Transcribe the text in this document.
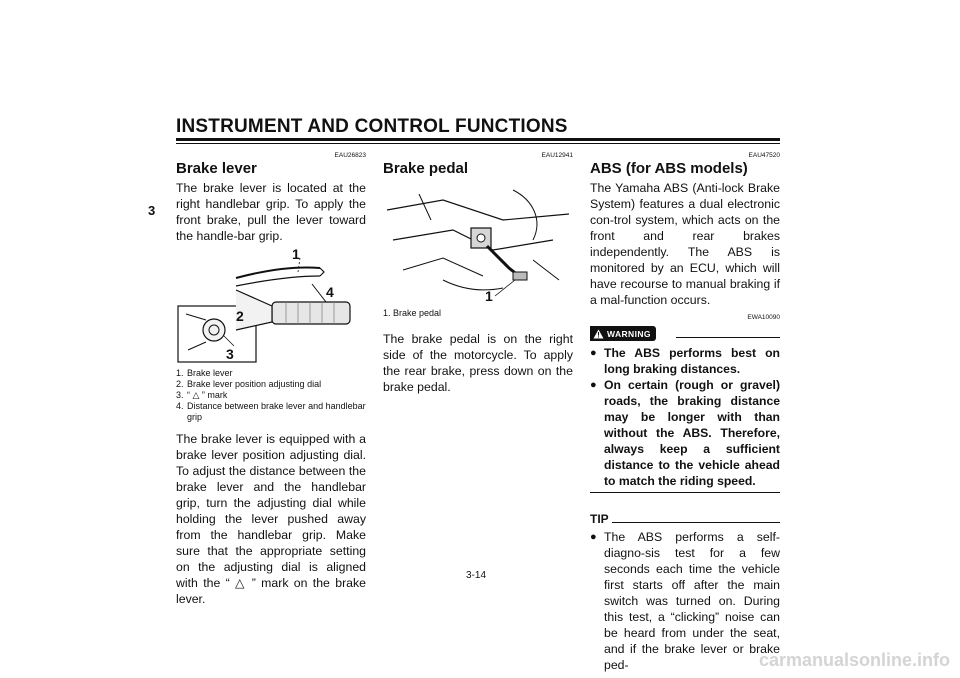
INSTRUMENT AND CONTROL FUNCTIONS
3

EAU26823

Brake lever

The brake lever is located at the right handlebar grip. To apply the front brake, pull the lever toward the handle-bar grip.

1
2
3
4
1. Brake lever
2. Brake lever position adjusting dial
3. “ △ ” mark
4. Distance between brake lever and handlebar grip

The brake lever is equipped with a brake lever position adjusting dial. To adjust the distance between the brake lever and the handlebar grip, turn the adjusting dial while holding the lever pushed away from the handlebar grip. Make sure that the appropriate setting on the adjusting dial is aligned with the “ △ ” mark on the brake lever.

EAU12941

Brake pedal
1

1. Brake pedal

The brake pedal is on the right side of the motorcycle. To apply the rear brake, press down on the brake pedal.

EAU47520

ABS (for ABS models)

The Yamaha ABS (Anti-lock Brake System) features a dual electronic con-trol system, which acts on the front and rear brakes independently. The ABS is monitored by an ECU, which will have recourse to manual braking if a mal-function occurs.

EWA10090

WARNING
● The ABS performs best on long braking distances.
● On certain (rough or gravel) roads, the braking distance may be longer with than without the ABS. Therefore, always keep a sufficient distance to the vehicle ahead to match the riding speed.
TIP
● The ABS performs a self-diagno-sis test for a few seconds each time the vehicle first starts off after the main switch was turned on. During this test, a “clicking” noise can be heard from under the seat, and if the brake lever or brake ped-
3-14
carmanualsonline.info
